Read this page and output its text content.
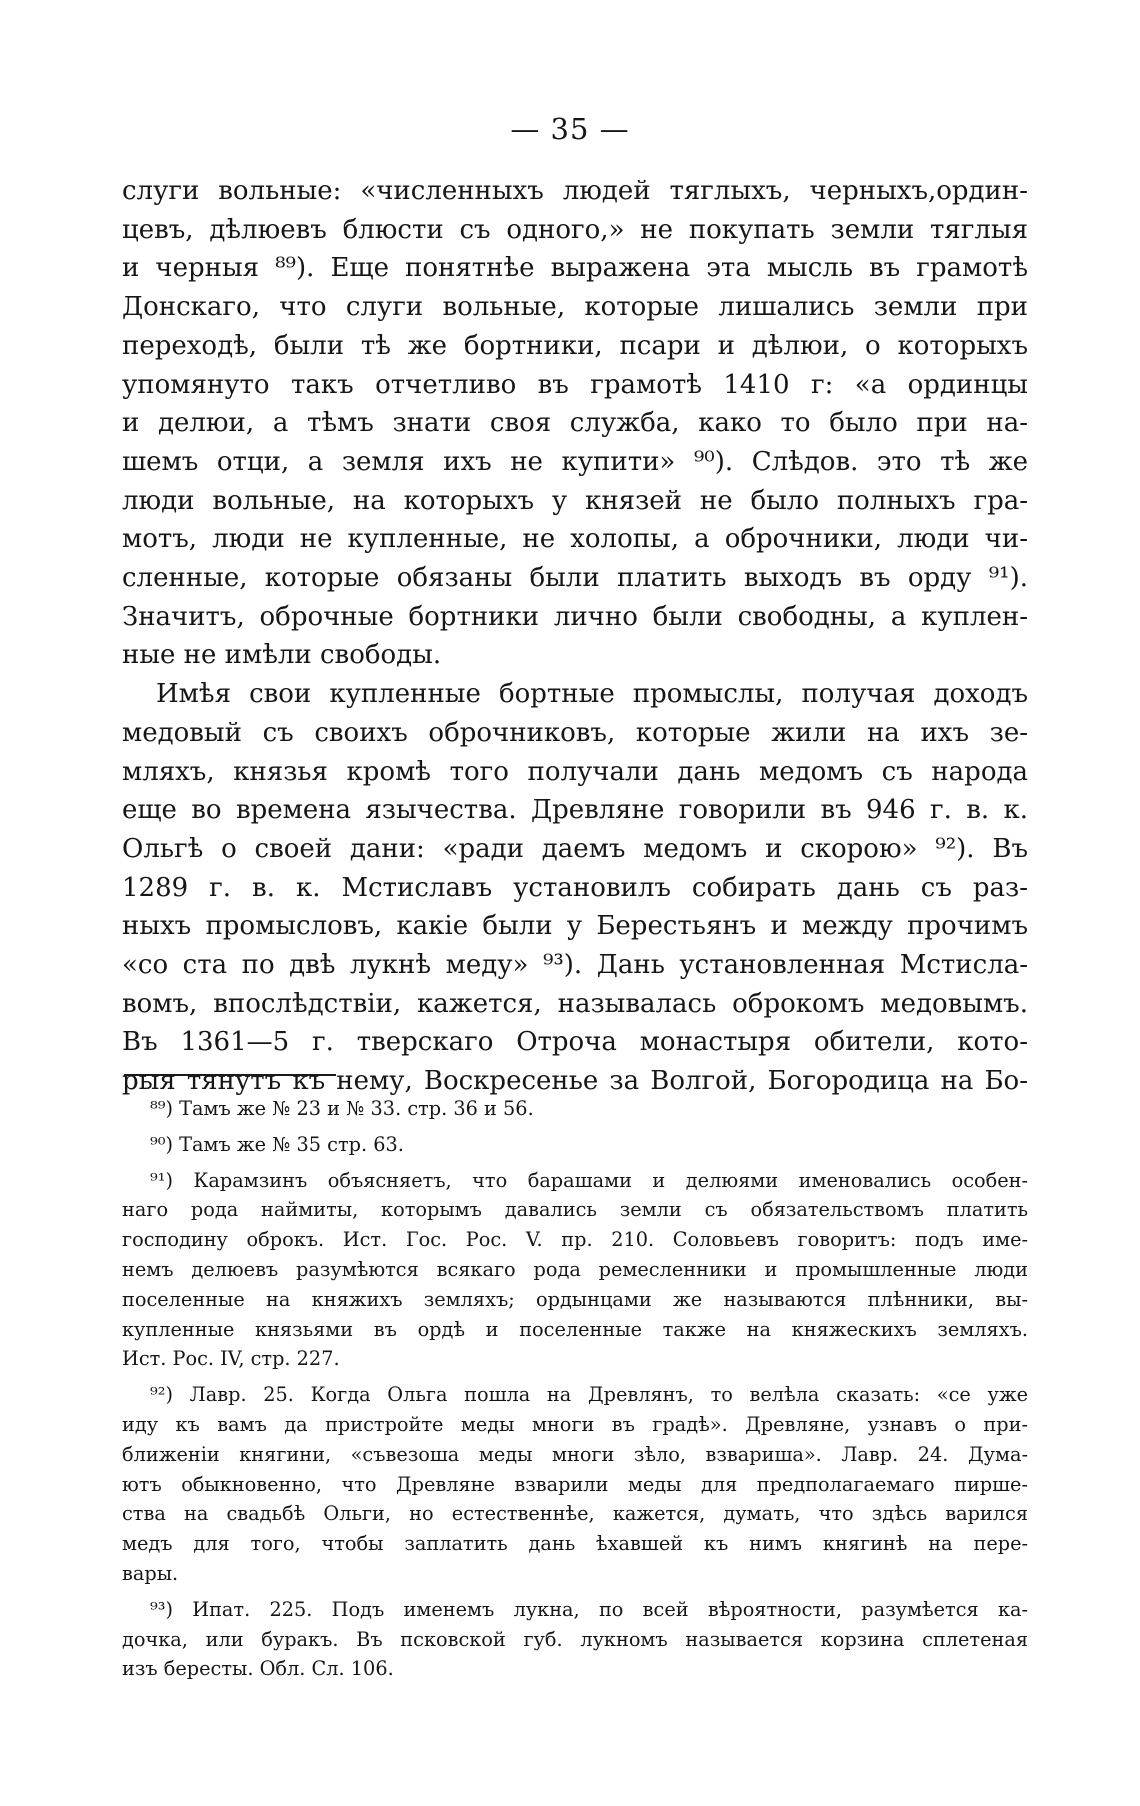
— 35 —

слуги вольные: «численныхъ людей тяглыхъ, черныхъ,ордин-
цевъ, дѣлюевъ блюсти съ одного,» не покупать земли тяглыя
и черныя ⁸⁹). Еще понятнѣе выражена эта мысль въ грамотѣ
Донскаго, что слуги вольные, которые лишались земли при
переходѣ, были тѣ же бортники, псари и дѣлюи, о которыхъ
упомянуто такъ отчетливо въ грамотѣ 1410 г: «а ординцы
и делюи, а тѣмъ знати своя служба, како то было при на-
шемъ отци, а земля ихъ не купити» ⁹⁰). Слѣдов. это тѣ же
люди вольные, на которыхъ у князей не было полныхъ гра-
мотъ, люди не купленные, не холопы, а оброчники, люди чи-
сленные, которые обязаны были платить выходъ въ орду ⁹¹).
Значитъ, оброчные бортники лично были свободны, а куплен-
ные не имѣли свободы.

Имѣя свои купленные бортные промыслы, получая доходъ
медовый съ своихъ оброчниковъ, которые жили на ихъ зе-
мляхъ, князья кромѣ того получали дань медомъ съ народа
еще во времена язычества. Древляне говорили въ 946 г. в. к.
Ольгѣ о своей дани: «ради даемъ медомъ и скорою» ⁹²). Въ
1289 г. в. к. Мстиславъ установилъ собирать дань съ раз-
ныхъ промысловъ, какіе были у Берестьянъ и между прочимъ
«со ста по двѣ лукнѣ меду» ⁹³). Дань установленная Мстисла-
вомъ, впослѣдствіи, кажется, называлась оброкомъ медовымъ.
Въ 1361—5 г. тверскаго Отроча монастыря обители, кото-
рыя тянутъ къ нему, Воскресенье за Волгой, Богородица на Бо-

⁸⁹) Тамъ же № 23 и № 33. стр. 36 и 56.
⁹⁰) Тамъ же № 35 стр. 63.
⁹¹) Карамзинъ объясняетъ, что барашами и делюями именовались особен-
наго рода наймиты, которымъ давались земли съ обязательствомъ платить
господину оброкъ. Ист. Гос. Рос. V. пр. 210. Соловьевъ говоритъ: подъ име-
немъ делюевъ разумѣются всякаго рода ремесленники и промышленные люди
поселенные на княжихъ земляхъ; ордынцами же называются плѣнники, вы-
купленные князьями въ ордѣ и поселенные также на княжескихъ земляхъ.
Ист. Рос. IV, стр. 227.
⁹²) Лавр. 25. Когда Ольга пошла на Древлянъ, то велѣла сказать: «се уже
иду къ вамъ да пристройте меды многи въ градѣ». Древляне, узнавъ о при-
ближеніи княгини, «съвезоша меды многи зѣло, взвариша». Лавр. 24. Дума-
ютъ обыкновенно, что Древляне взварили меды для предполагаемаго пирше-
ства на свадьбѣ Ольги, но естественнѣе, кажется, думать, что здѣсь варился
медъ для того, чтобы заплатить дань ѣхавшей къ нимъ княгинѣ на пере-
вары.
⁹³) Ипат. 225. Подъ именемъ лукна, по всей вѣроятности, разумѣется ка-
дочка, или буракъ. Въ псковской губ. лукномъ называется корзина сплетеная
изъ бересты. Обл. Сл. 106.
